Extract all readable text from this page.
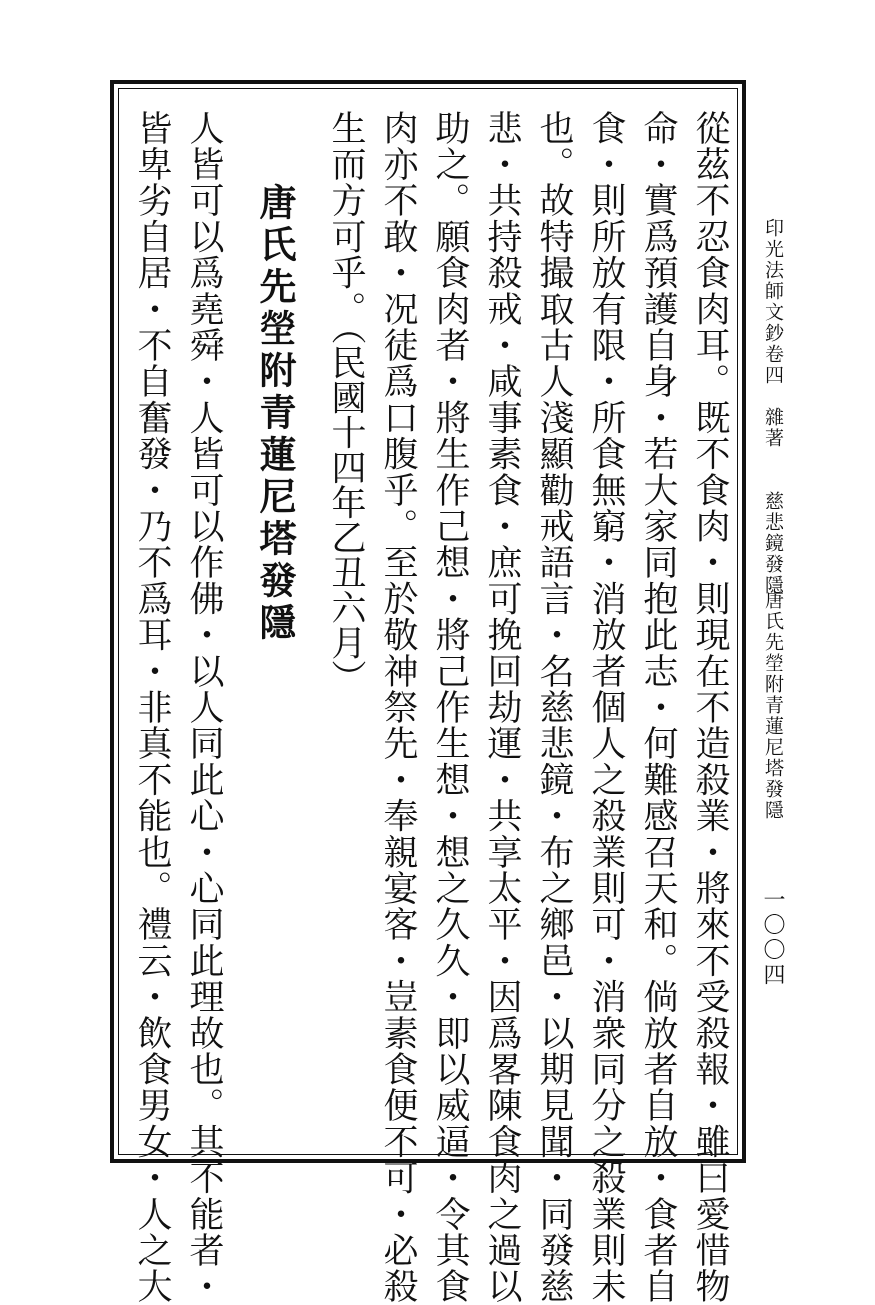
印光法師文鈔卷四　雜著　　慈悲鏡發隱
唐氏先塋附青蓮尼塔發隱
一〇〇四
從茲不忍食肉耳。既不食肉・則現在不造殺業・將來不受殺報・雖曰愛惜物
命・實爲預護自身・若大家同抱此志・何難感召天和。倘放者自放・食者自
食・則所放有限・所食無窮・消放者個人之殺業則可・消衆同分之殺業則未
也。故特撮取古人淺顯勸戒語言・名慈悲鏡・布之鄉邑・以期見聞・同發慈
悲・共持殺戒・咸事素食・庶可挽回劫運・共享太平・因爲畧陳食肉之過以
助之。願食肉者・將生作己想・將己作生想・想之久久・即以威逼・令其食
肉亦不敢・况徒爲口腹乎。至於敬神祭先・奉親宴客・豈素食便不可・必殺
生而方可乎。（民國十四年乙丑六月）
唐氏先塋附青蓮尼塔發隱
人皆可以爲堯舜・人皆可以作佛・以人同此心・心同此理故也。其不能者・
皆卑劣自居・不自奮發・乃不爲耳・非真不能也。禮云・飲食男女・人之大
